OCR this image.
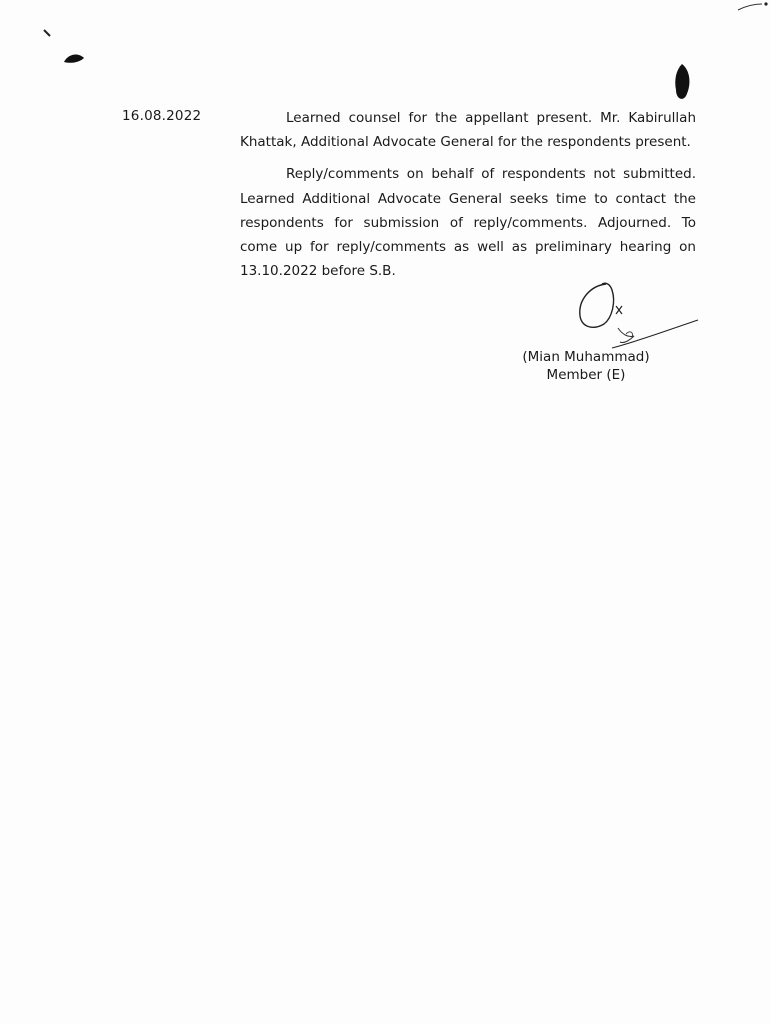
16.08.2022	Learned counsel for the appellant present. Mr. Kabirullah Khattak, Additional Advocate General for the respondents present.

Reply/comments on behalf of respondents not submitted. Learned Additional Advocate General seeks time to contact the respondents for submission of reply/comments. Adjourned. To come up for reply/comments as well as preliminary hearing on 13.10.2022 before S.B.

(Mian Muhammad)
Member (E)
